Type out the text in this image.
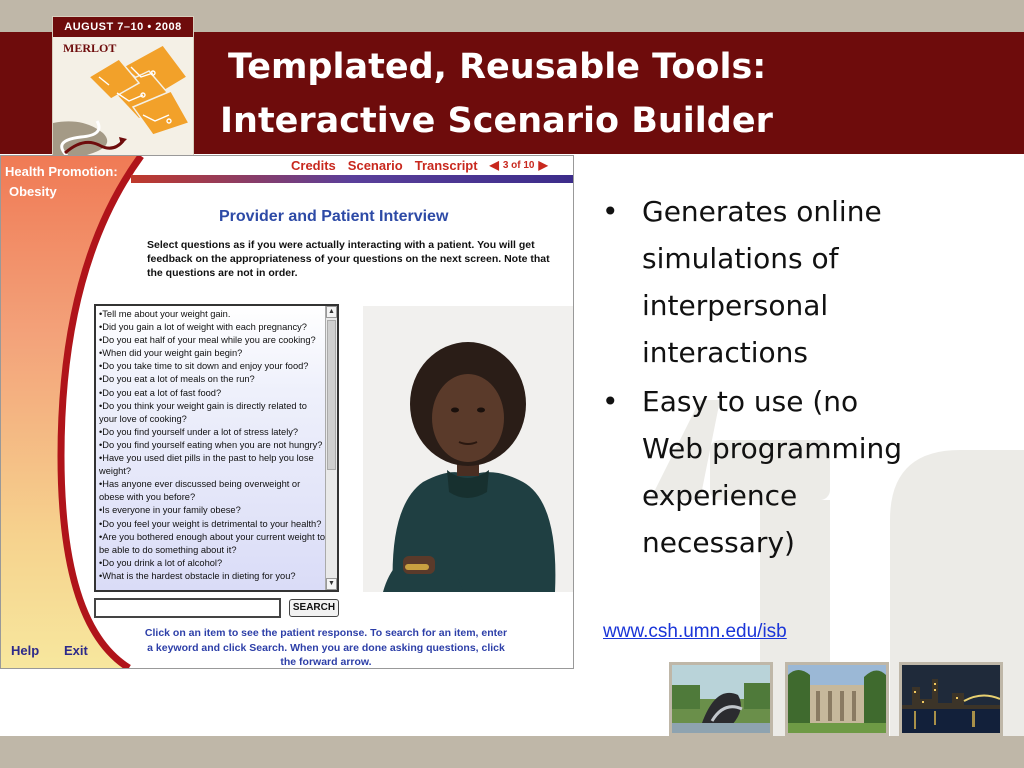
AUGUST 7–10 • 2008
MERLOT	Templated, Reusable Tools:
Interactive Scenario Builder
Health Promotion:
Obesity
Credits Scenario Transcript ◀ 3 of 10 ▶
Provider and Patient Interview
Select questions as if you were actually interacting with a patient. You will get feedback on the appropriateness of your questions on the next screen. Note that the questions are not in order.
•Tell me about your weight gain.
•Did you gain a lot of weight with each pregnancy?
•Do you eat half of your meal while you are cooking?
•When did your weight gain begin?
•Do you take time to sit down and enjoy your food?
•Do you eat a lot of meals on the run?
•Do you eat a lot of fast food?
•Do you think your weight gain is directly related to your love of cooking?
•Do you find yourself under a lot of stress lately?
•Do you find yourself eating when you are not hungry?
•Have you used diet pills in the past to help you lose weight?
•Has anyone ever discussed being overweight or obese with you before?
•Is everyone in your family obese?
•Do you feel your weight is detrimental to your health?
•Are you bothered enough about your current weight to be able to do something about it?
•Do you drink a lot of alcohol?
•What is the hardest obstacle in dieting for you?
▲
▼
SEARCH
Click on an item to see the patient response. To search for an item, enter a keyword and click Search. When you are done asking questions, click the forward arrow.
Help Exit
• Generates online
simulations of
interpersonal
interactions
• Easy to use (no
Web programming
experience
necessary)
www.csh.umn.edu/isb
